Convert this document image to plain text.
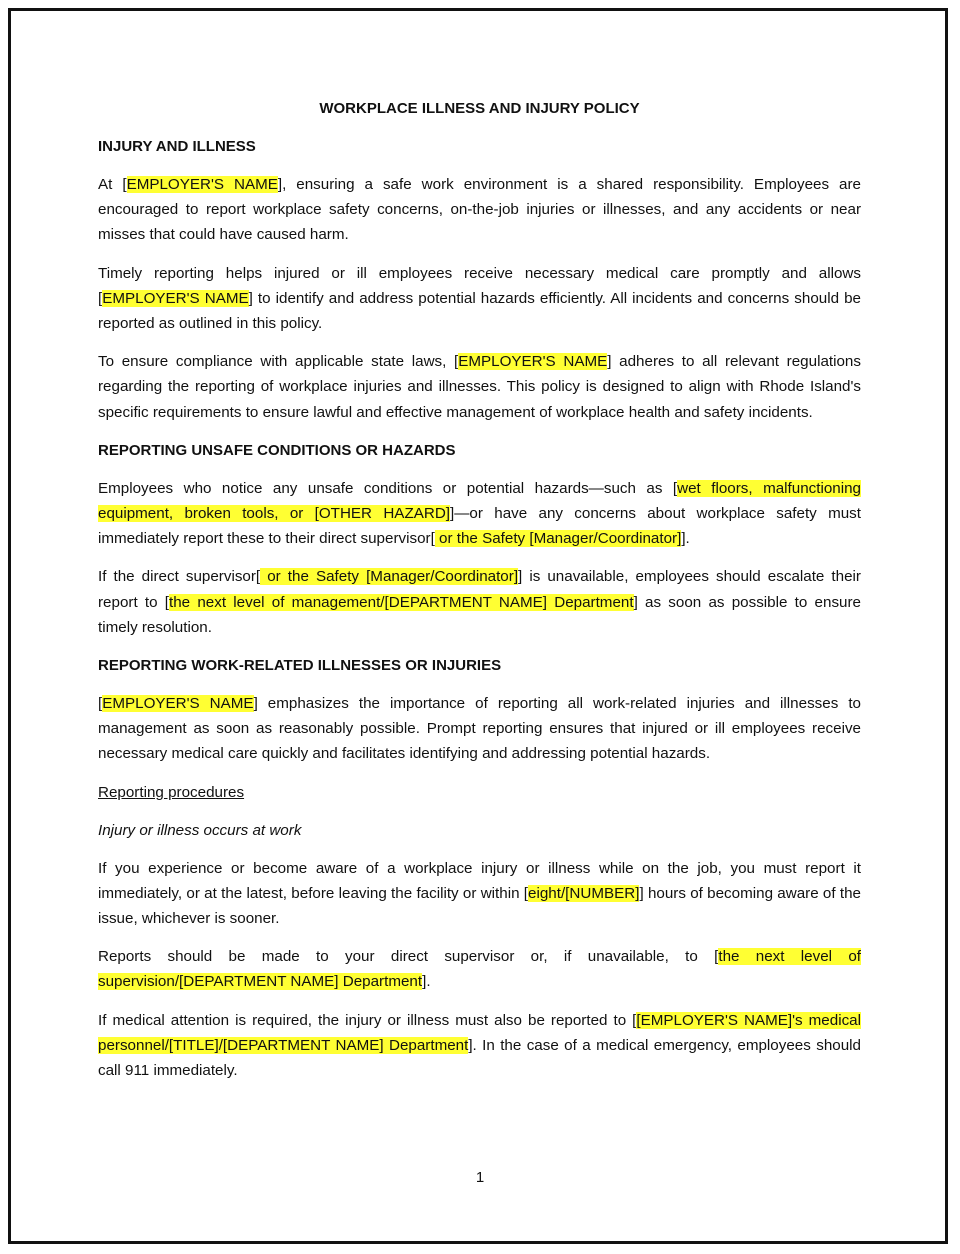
WORKPLACE ILLNESS AND INJURY POLICY
INJURY AND ILLNESS

At [EMPLOYER'S NAME], ensuring a safe work environment is a shared responsibility. Employees are encouraged to report workplace safety concerns, on-the-job injuries or illnesses, and any accidents or near misses that could have caused harm.

Timely reporting helps injured or ill employees receive necessary medical care promptly and allows [EMPLOYER'S NAME] to identify and address potential hazards efficiently. All incidents and concerns should be reported as outlined in this policy.

To ensure compliance with applicable state laws, [EMPLOYER'S NAME] adheres to all relevant regulations regarding the reporting of workplace injuries and illnesses. This policy is designed to align with Rhode Island's specific requirements to ensure lawful and effective management of workplace health and safety incidents.

REPORTING UNSAFE CONDITIONS OR HAZARDS

Employees who notice any unsafe conditions or potential hazards—such as [wet floors, malfunctioning equipment, broken tools, or [OTHER HAZARD]]—or have any concerns about workplace safety must immediately report these to their direct supervisor[ or the Safety [Manager/Coordinator]].

If the direct supervisor[ or the Safety [Manager/Coordinator]] is unavailable, employees should escalate their report to [the next level of management/[DEPARTMENT NAME] Department] as soon as possible to ensure timely resolution.

REPORTING WORK-RELATED ILLNESSES OR INJURIES

[EMPLOYER'S NAME] emphasizes the importance of reporting all work-related injuries and illnesses to management as soon as reasonably possible. Prompt reporting ensures that injured or ill employees receive necessary medical care quickly and facilitates identifying and addressing potential hazards.

Reporting procedures
Injury or illness occurs at work

If you experience or become aware of a workplace injury or illness while on the job, you must report it immediately, or at the latest, before leaving the facility or within [eight/[NUMBER]] hours of becoming aware of the issue, whichever is sooner.

Reports should be made to your direct supervisor or, if unavailable, to [the next level of supervision/[DEPARTMENT NAME] Department].

If medical attention is required, the injury or illness must also be reported to [[EMPLOYER'S NAME]'s medical personnel/[TITLE]/[DEPARTMENT NAME] Department]. In the case of a medical emergency, employees should call 911 immediately.

1
